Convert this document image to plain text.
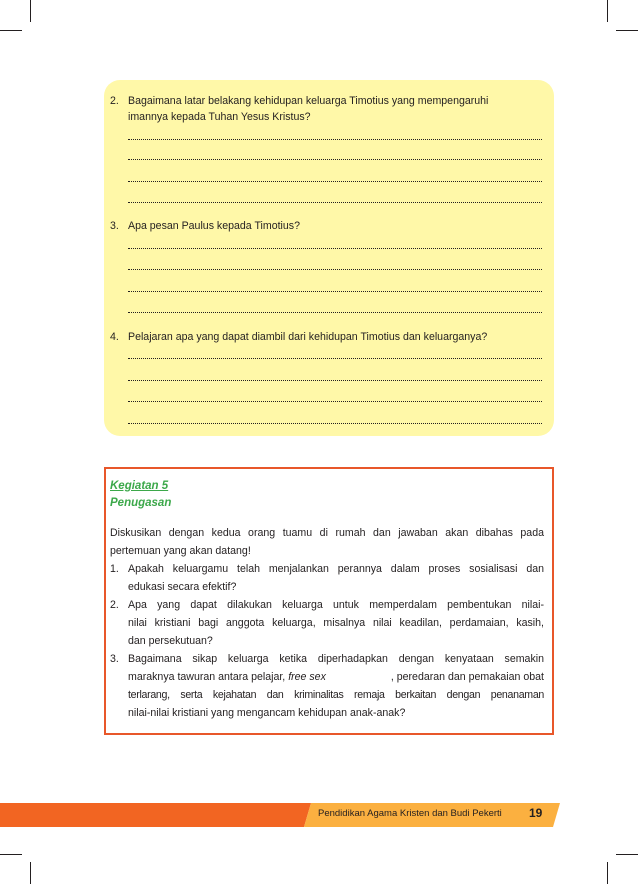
2. Bagaimana latar belakang kehidupan keluarga Timotius yang mempengaruhi
imannya kepada Tuhan Yesus Kristus?
3. Apa pesan Paulus kepada Timotius?
4. Pelajaran apa yang dapat diambil dari kehidupan Timotius dan keluarganya?
Kegiatan 5
Penugasan
Diskusikan dengan kedua orang tuamu di rumah dan jawaban akan dibahas pada
pertemuan yang akan datang!
1. Apakah keluargamu telah menjalankan perannya dalam proses sosialisasi dan
edukasi secara efektif?
2. Apa yang dapat dilakukan keluarga untuk memperdalam pembentukan nilai-
nilai kristiani bagi anggota keluarga, misalnya nilai keadilan, perdamaian, kasih,
dan persekutuan?
3. Bagaimana sikap keluarga ketika diperhadapkan dengan kenyataan semakin
maraknya tawuran antara pelajar, free sex	, peredaran dan pemakaian obat
terlarang, serta kejahatan dan kriminalitas remaja berkaitan dengan penanaman
nilai-nilai kristiani yang mengancam kehidupan anak-anak?
Pendidikan Agama Kristen dan Budi Pekerti 19
